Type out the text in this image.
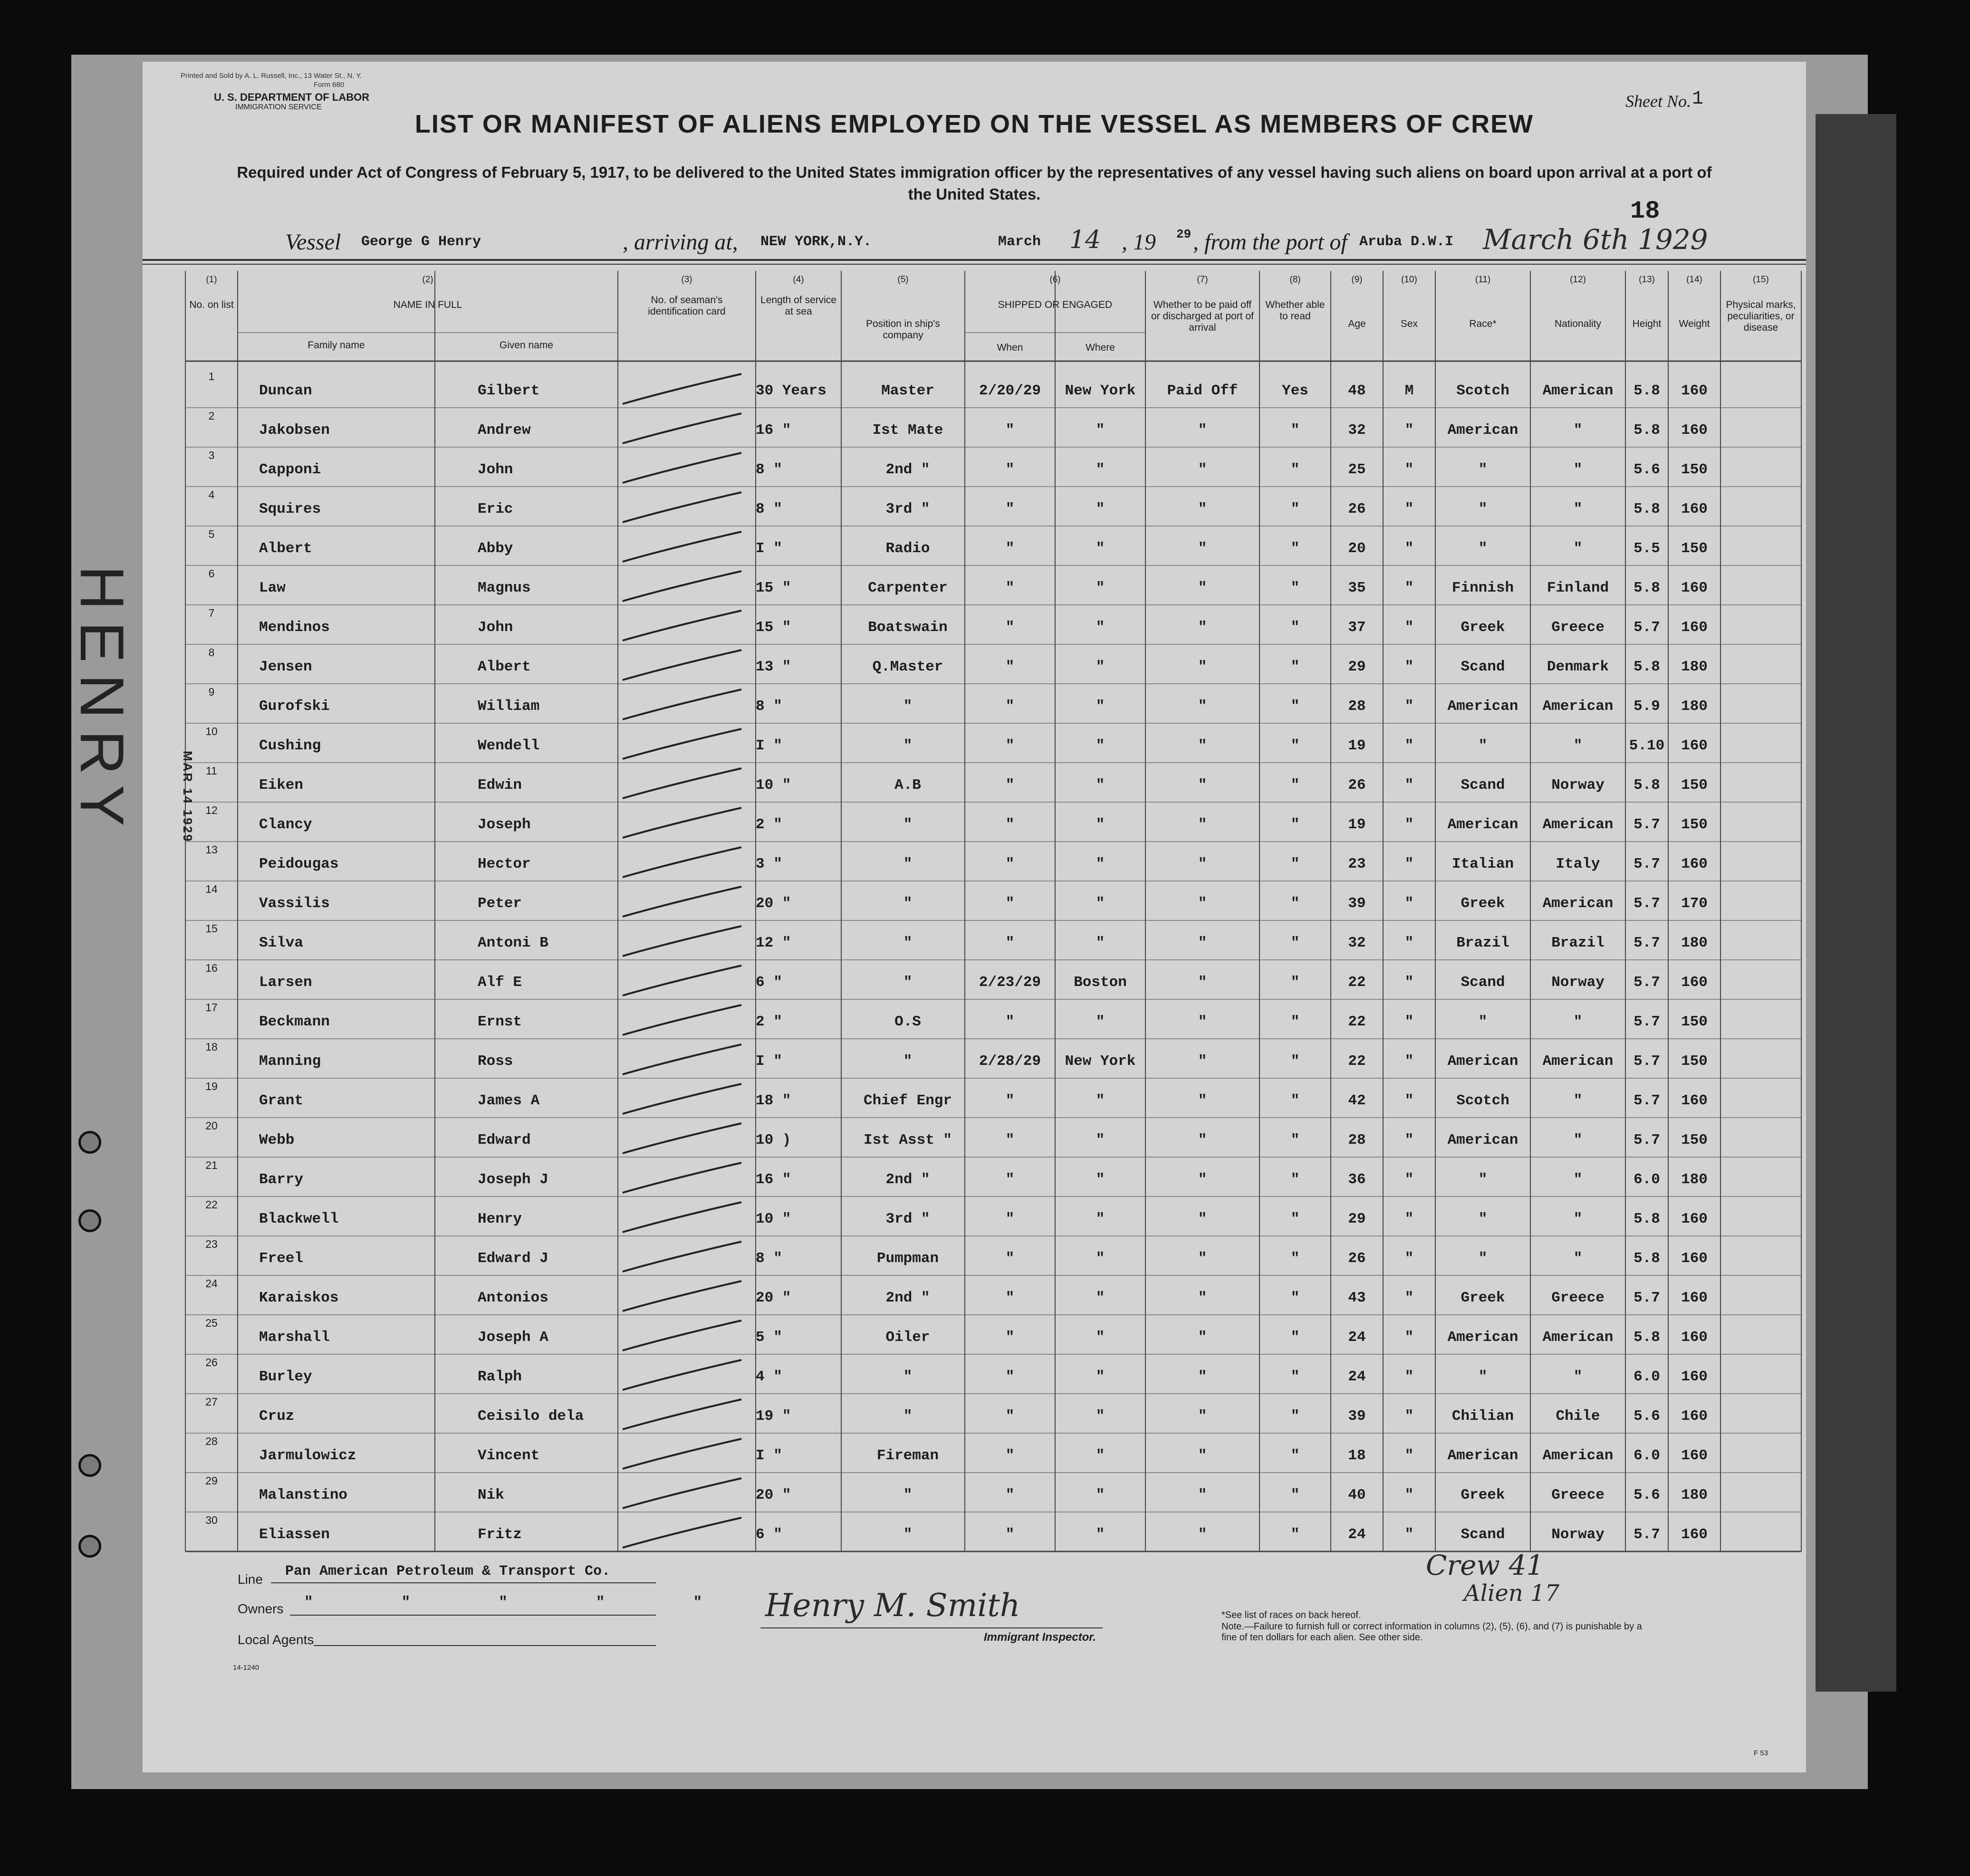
Printed and Sold by A. L. Russell, Inc., 13 Water St., N. Y.
Form 680
U. S. DEPARTMENT OF LABOR
IMMIGRATION SERVICE	Sheet No. 1
LIST OR MANIFEST OF ALIENS EMPLOYED ON THE VESSEL AS MEMBERS OF CREW
Required under Act of Congress of February 5, 1917, to be delivered to the United States immigration officer by the representatives of any vessel having such aliens on board upon arrival at a port of the United States.
18
Vessel George G Henry	, arriving at, NEW YORK,N.Y.	March 14 , 19 29 , from the port of Aruba D.W.I March 6th 1929
(1)	(2)	(3)	(4)	(5)	(6)	(7)	(8)	(9)	(10)	(11)	(12)	(13)	(14)	(15)
No. on list	NAME IN FULL
Family name	Given name
No. of seaman's identification card
Length of service at sea
Position in ship's company
SHIPPED OR ENGAGED
When	Where
Whether to be paid off or discharged at port of arrival
Whether able to read
Age	Sex	Race*	Nationality	Height	Weight
Physical marks, peculiarities, or disease
1
Duncan	Gilbert	30 Years	Master	2/20/29	New York	Paid Off	Yes	48	M	Scotch	American	5.8	160
2
Jakobsen	Andrew	16 "	Ist Mate	"	"	"	"	32	"	American	"	5.8	160
3
Capponi	John	8 "	2nd "	"	"	"	"	25	"	"	"	5.6	150
4
Squires	Eric	8 "	3rd "	"	"	"	"	26	"	"	"	5.8	160
5
Albert	Abby	I "	Radio	"	"	"	"	20	"	"	"	5.5	150
6
Law	Magnus	15 "	Carpenter	"	"	"	"	35	"	Finnish	Finland	5.8	160
7
Mendinos	John	15 "	Boatswain	"	"	"	"	37	"	Greek	Greece	5.7	160
8
Jensen	Albert	13 "	Q.Master	"	"	"	"	29	"	Scand	Denmark	5.8	180
9
Gurofski	William	8 "	"	"	"	"	"	28	"	American	American	5.9	180
10
Cushing	Wendell	I "	"	"	"	"	"	19	"	"	"	5.10	160
11
Eiken	Edwin	10 "	A.B	"	"	"	"	26	"	Scand	Norway	5.8	150
12
Clancy	Joseph	2 "	"	"	"	"	"	19	"	American	American	5.7	150
13
Peidougas	Hector	3 "	"	"	"	"	"	23	"	Italian	Italy	5.7	160
14
Vassilis	Peter	20 "	"	"	"	"	"	39	"	Greek	American	5.7	170
15
Silva	Antoni B	12 "	"	"	"	"	"	32	"	Brazil	Brazil	5.7	180
16
Larsen	Alf E	6 "	"	2/23/29	Boston	"	"	22	"	Scand	Norway	5.7	160
17
Beckmann	Ernst	2 "	O.S	"	"	"	"	22	"	"	"	5.7	150
18
Manning	Ross	I "	"	2/28/29	New York	"	"	22	"	American	American	5.7	150
19
Grant	James A	18 "	Chief Engr	"	"	"	"	42	"	Scotch	"	5.7	160
20
Webb	Edward	10 )	Ist Asst "	"	"	"	"	28	"	American	"	5.7	150
21
Barry	Joseph J	16 "	2nd "	"	"	"	"	36	"	"	"	6.0	180
22
Blackwell	Henry	10 "	3rd "	"	"	"	"	29	"	"	"	5.8	160
23
Freel	Edward J	8 "	Pumpman	"	"	"	"	26	"	"	"	5.8	160
24
Karaiskos	Antonios	20 "	2nd "	"	"	"	"	43	"	Greek	Greece	5.7	160
25
Marshall	Joseph A	5 "	Oiler	"	"	"	"	24	"	American	American	5.8	160
26
Burley	Ralph	4 "	"	"	"	"	"	24	"	"	"	6.0	160
27
Cruz	Ceisilo dela	19 "	"	"	"	"	"	39	"	Chilian	Chile	5.6	160
28
Jarmulowicz	Vincent	I "	Fireman	"	"	"	"	18	"	American	American	6.0	160
29
Malanstino	Nik	20 "	"	"	"	"	"	40	"	Greek	Greece	5.6	180
30
Eliassen	Fritz	6 "	"	"	"	"	"	24	"	Scand	Norway	5.7	160
HENRY	MAR 14 1929
Line Pan American Petroleum & Transport Co.
Owners "          "          "          "          "
Local Agents
14-1240
Henry M. Smith
Immigrant Inspector.
*See list of races on back hereof.
Note.—Failure to furnish full or correct information in columns (2), (5), (6), and (7) is punishable by a fine of ten dollars for each alien. See other side.
Crew 41
Alien 17
F 53
